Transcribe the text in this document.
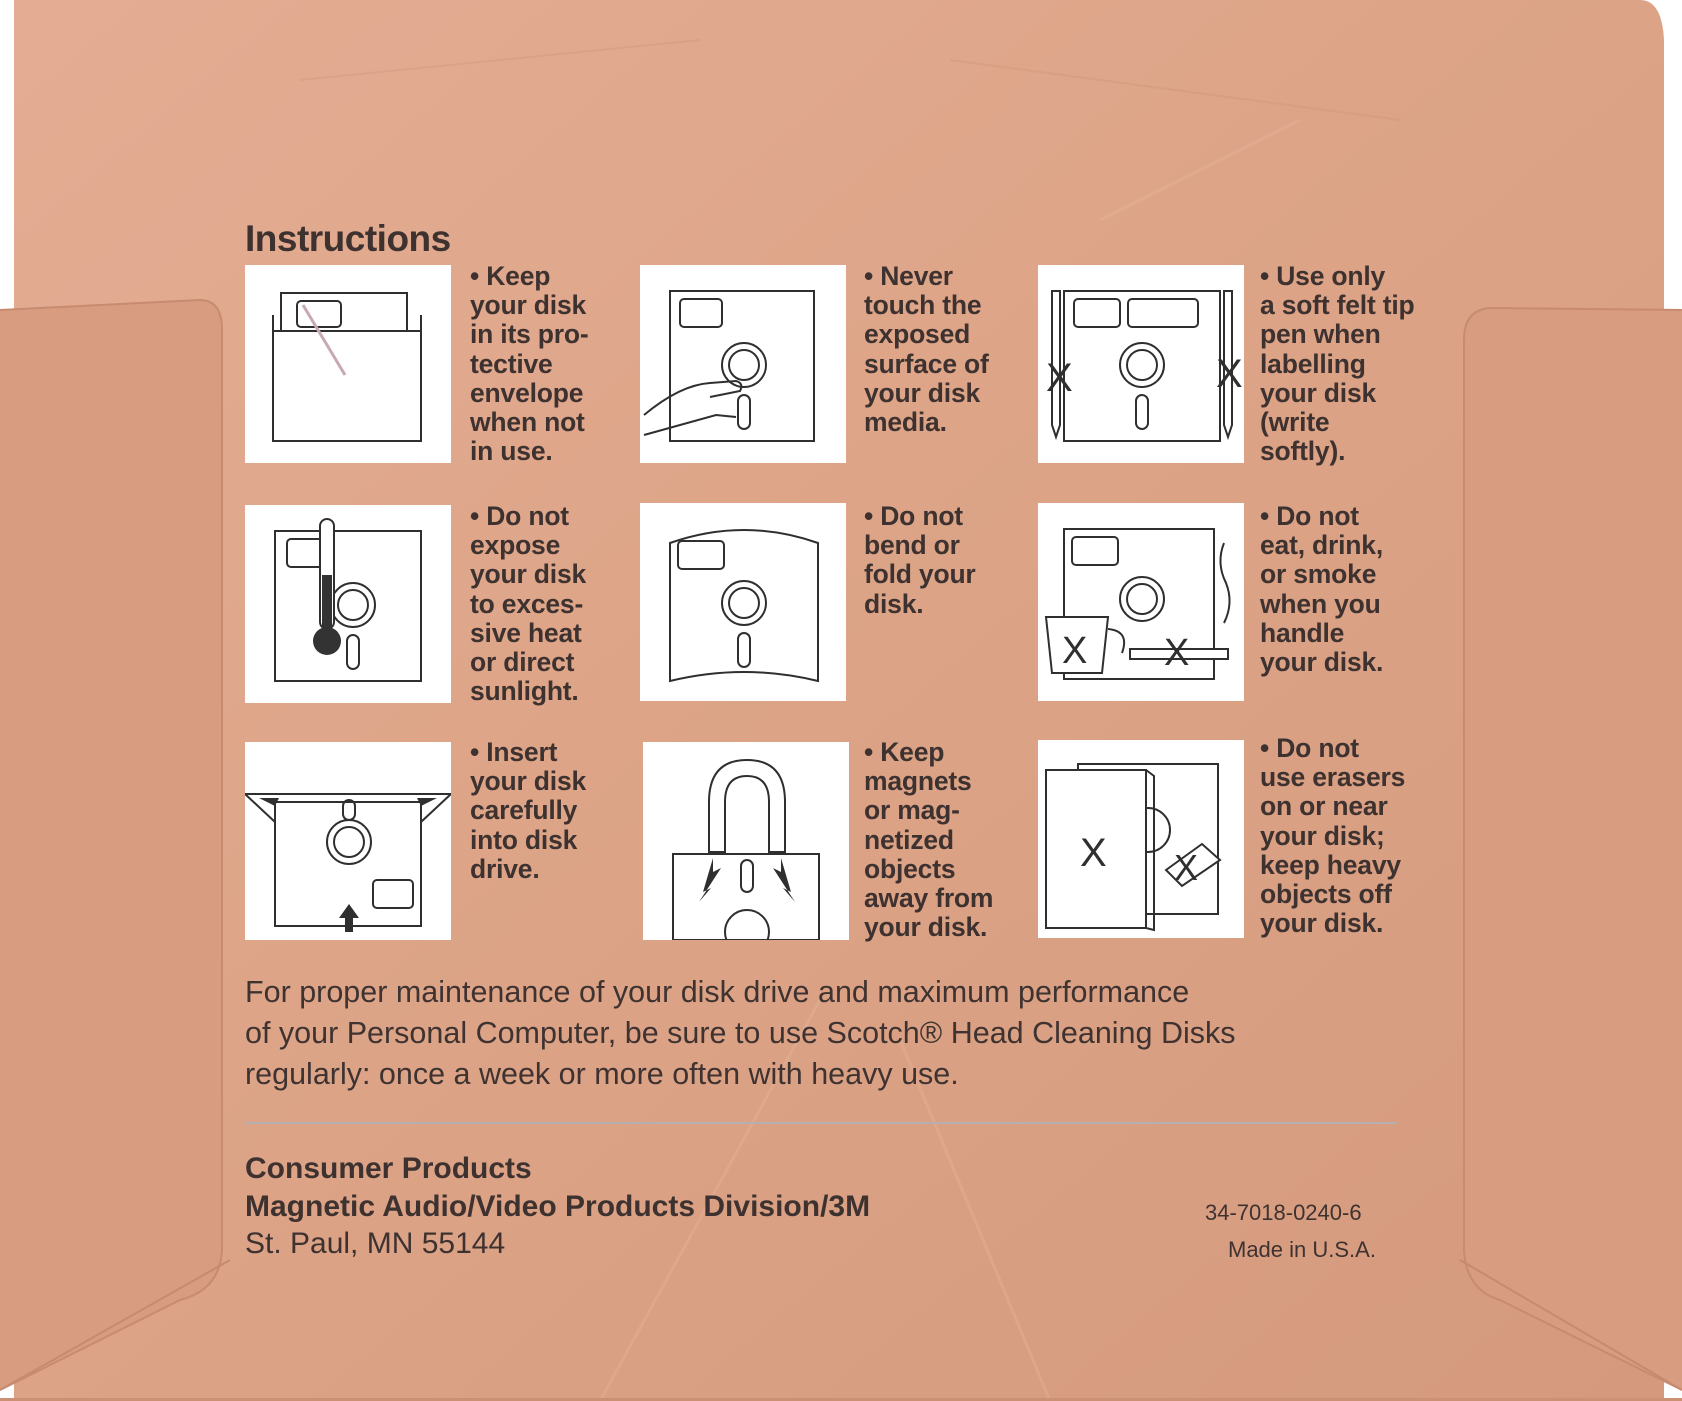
Instructions
• Keep
your disk
in its pro-
tective
envelope
when not
in use.
• Never
touch the
exposed
surface of
your disk
media.
X	X
• Use only
a soft felt tip
pen when
labelling
your disk
(write
softly).
• Do not
expose
your disk
to exces-
sive heat
or direct
sunlight.
• Do not
bend or
fold your
disk.
X X
• Do not
eat, drink,
or smoke
when you
handle
your disk.
• Insert
your disk
carefully
into disk
drive.
• Keep
magnets
or mag-
netized
objects
away from
your disk.
X X
• Do not
use erasers
on or near
your disk;
keep heavy
objects off
your disk.
For proper maintenance of your disk drive and maximum performance
of your Personal Computer, be sure to use Scotch® Head Cleaning Disks
regularly: once a week or more often with heavy use.
Consumer Products
Magnetic Audio/Video Products Division/3M
St. Paul, MN 55144
34-7018-0240-6
Made in U.S.A.
